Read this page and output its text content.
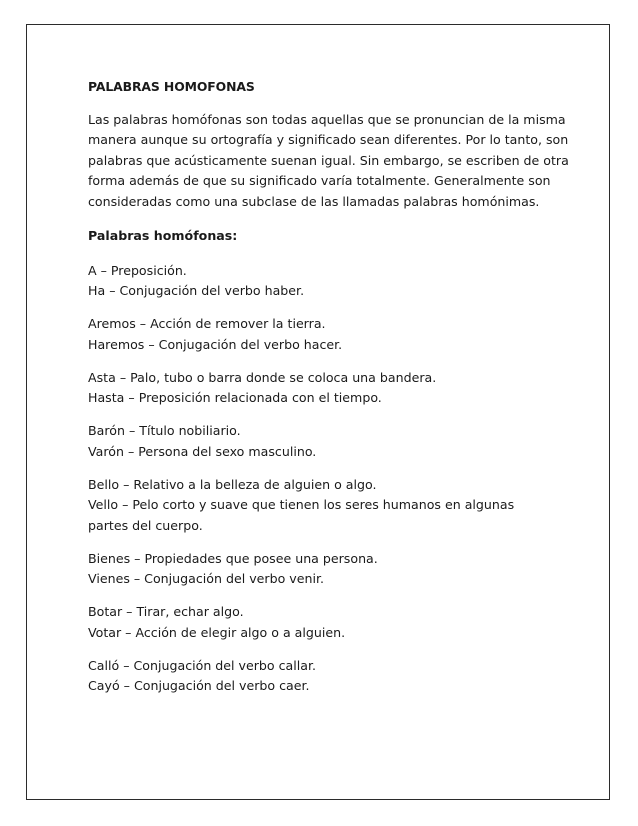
PALABRAS HOMOFONAS

Las palabras homófonas son todas aquellas que se pronuncian de la misma
manera aunque su ortografía y significado sean diferentes. Por lo tanto, son
palabras que acústicamente suenan igual. Sin embargo, se escriben de otra
forma además de que su significado varía totalmente. Generalmente son
consideradas como una subclase de las llamadas palabras homónimas.

Palabras homófonas:
A – Preposición.
Ha – Conjugación del verbo haber.
Aremos – Acción de remover la tierra.
Haremos – Conjugación del verbo hacer.
Asta – Palo, tubo o barra donde se coloca una bandera.
Hasta – Preposición relacionada con el tiempo.
Barón – Título nobiliario.
Varón – Persona del sexo masculino.
Bello – Relativo a la belleza de alguien o algo.
Vello – Pelo corto y suave que tienen los seres humanos en algunas partes del cuerpo.
Bienes – Propiedades que posee una persona.
Vienes – Conjugación del verbo venir.
Botar – Tirar, echar algo.
Votar – Acción de elegir algo o a alguien.
Calló – Conjugación del verbo callar.
Cayó – Conjugación del verbo caer.
